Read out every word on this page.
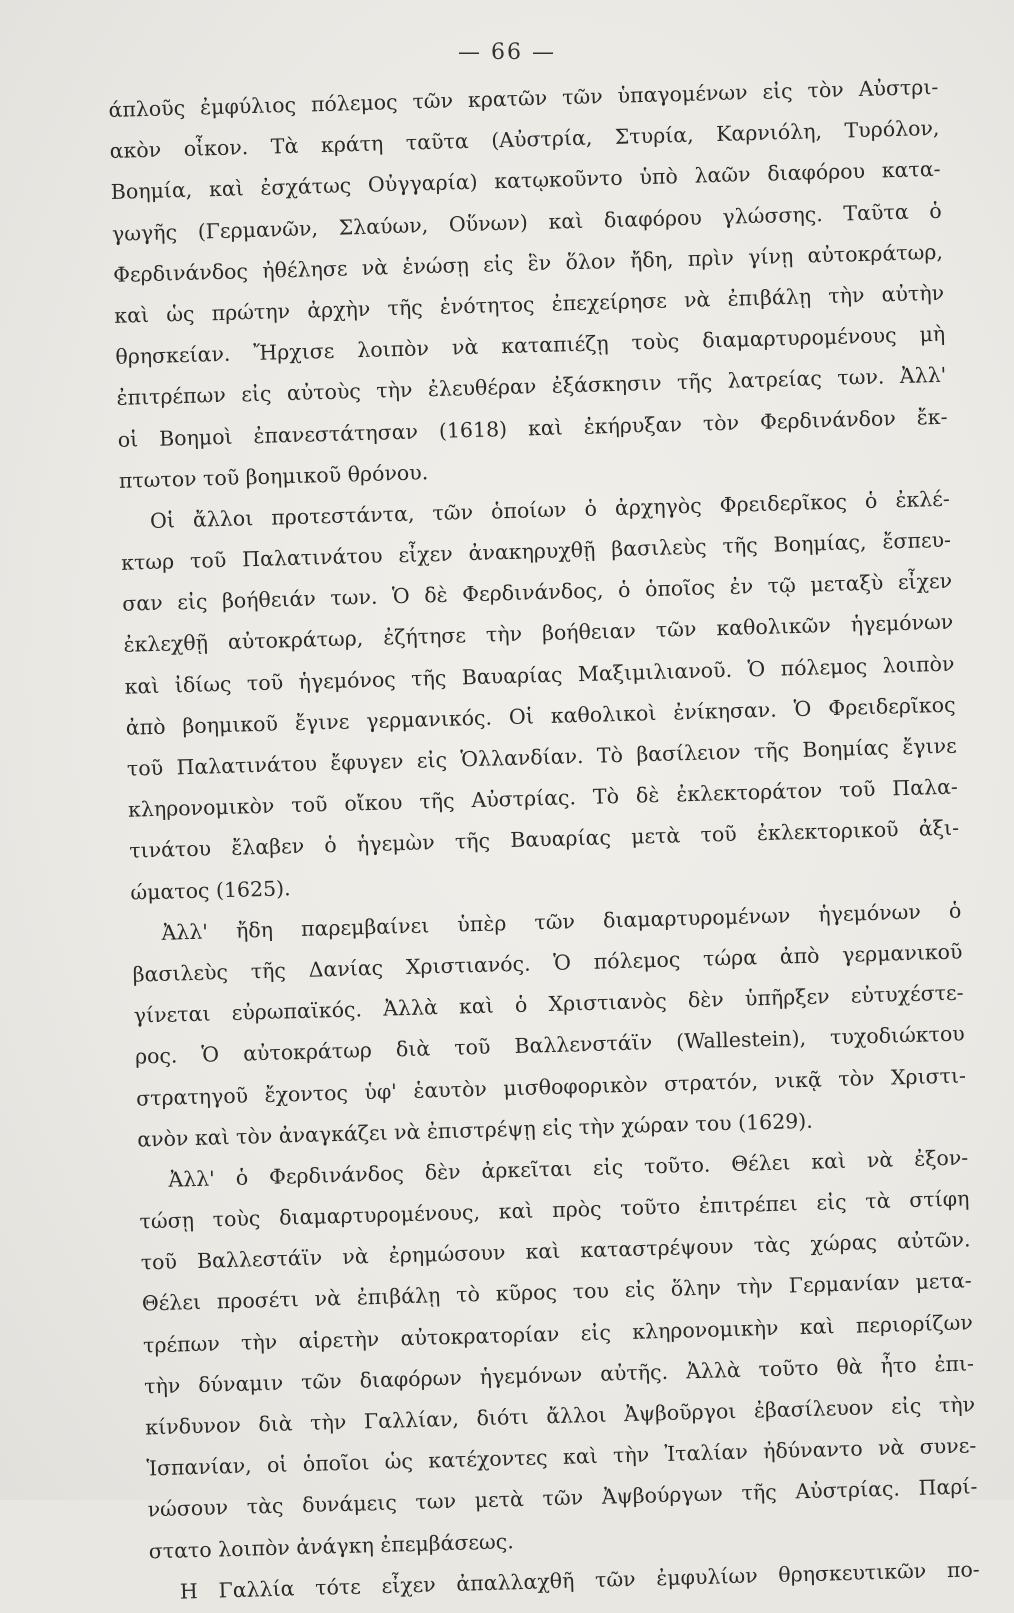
— 66 —
άπλοῦς ἐμφύλιος πόλεμος τῶν κρατῶν τῶν ὑπαγομένων εἰς τὸν Αὐστρι-
ακὸν οἶκον. Τὰ κράτη ταῦτα (Αὐστρία, Στυρία, Καρνιόλη, Τυρόλον,
Βοημία, καὶ ἐσχάτως Οὐγγαρία) κατῳκοῦντο ὑπὸ λαῶν διαφόρου κατα-
γωγῆς (Γερμανῶν, Σλαύων, Οὕνων) καὶ διαφόρου γλώσσης. Ταῦτα ὁ
Φερδινάνδος ἠθέλησε νὰ ἑνώσῃ εἰς ἓν ὅλον ἤδη, πρὶν γίνῃ αὐτοκράτωρ,
καὶ ὡς πρώτην ἀρχὴν τῆς ἑνότητος ἐπεχείρησε νὰ ἐπιβάλῃ τὴν αὐτὴν
θρησκείαν. Ἤρχισε λοιπὸν νὰ καταπιέζῃ τοὺς διαμαρτυρομένους μὴ
ἐπιτρέπων εἰς αὐτοὺς τὴν ἐλευθέραν ἐξάσκησιν τῆς λατρείας των. Ἀλλ'
οἱ Βοημοὶ ἐπανεστάτησαν (1618) καὶ ἐκήρυξαν τὸν Φερδινάνδον ἔκ-
πτωτον τοῦ βοημικοῦ θρόνου.
Οἱ ἄλλοι προτεστάντα, τῶν ὁποίων ὁ ἀρχηγὸς Φρειδερῖκος ὁ ἐκλέ-
κτωρ τοῦ Παλατινάτου εἶχεν ἀνακηρυχθῇ βασιλεὺς τῆς Βοημίας, ἔσπευ-
σαν εἰς βοήθειάν των. Ὁ δὲ Φερδινάνδος, ὁ ὁποῖος ἐν τῷ μεταξὺ εἶχεν
ἐκλεχθῇ αὐτοκράτωρ, ἐζήτησε τὴν βοήθειαν τῶν καθολικῶν ἡγεμόνων
καὶ ἰδίως τοῦ ἡγεμόνος τῆς Βαυαρίας Μαξιμιλιανοῦ. Ὁ πόλεμος λοιπὸν
ἀπὸ βοημικοῦ ἔγινε γερμανικός. Οἱ καθολικοὶ ἐνίκησαν. Ὁ Φρειδερῖκος
τοῦ Παλατινάτου ἔφυγεν εἰς Ὁλλανδίαν. Τὸ βασίλειον τῆς Βοημίας ἔγινε
κληρονομικὸν τοῦ οἴκου τῆς Αὐστρίας. Τὸ δὲ ἐκλεκτοράτον τοῦ Παλα-
τινάτου ἔλαβεν ὁ ἡγεμὼν τῆς Βαυαρίας μετὰ τοῦ ἐκλεκτορικοῦ ἀξι-
ώματος (1625).
Ἀλλ' ἤδη παρεμβαίνει ὑπὲρ τῶν διαμαρτυρομένων ἡγεμόνων ὁ
βασιλεὺς τῆς Δανίας Χριστιανός. Ὁ πόλεμος τώρα ἀπὸ γερμανικοῦ
γίνεται εὐρωπαϊκός. Ἀλλὰ καὶ ὁ Χριστιανὸς δὲν ὑπῆρξεν εὐτυχέστε-
ρος. Ὁ αὐτοκράτωρ διὰ τοῦ Βαλλενστάϊν (Wallestein), τυχοδιώκτου
στρατηγοῦ ἔχοντος ὑφ' ἑαυτὸν μισθοφορικὸν στρατόν, νικᾷ τὸν Χριστι-
ανὸν καὶ τὸν ἀναγκάζει νὰ ἐπιστρέψῃ εἰς τὴν χώραν του (1629).
Ἀλλ' ὁ Φερδινάνδος δὲν ἀρκεῖται εἰς τοῦτο. Θέλει καὶ νὰ ἐξον-
τώσῃ τοὺς διαμαρτυρομένους, καὶ πρὸς τοῦτο ἐπιτρέπει εἰς τὰ στίφη
τοῦ Βαλλεστάϊν νὰ ἐρημώσουν καὶ καταστρέψουν τὰς χώρας αὐτῶν.
Θέλει προσέτι νὰ ἐπιβάλῃ τὸ κῦρος του εἰς ὅλην τὴν Γερμανίαν μετα-
τρέπων τὴν αἱρετὴν αὐτοκρατορίαν εἰς κληρονομικὴν καὶ περιορίζων
τὴν δύναμιν τῶν διαφόρων ἡγεμόνων αὐτῆς. Ἀλλὰ τοῦτο θὰ ἦτο ἐπι-
κίνδυνον διὰ τὴν Γαλλίαν, διότι ἄλλοι Ἀψβοῦργοι ἐβασίλευον εἰς τὴν
Ἱσπανίαν, οἱ ὁποῖοι ὡς κατέχοντες καὶ τὴν Ἰταλίαν ἠδύναντο νὰ συνε-
νώσουν τὰς δυνάμεις των μετὰ τῶν Ἀψβούργων τῆς Αὐστρίας. Παρί-
στατο λοιπὸν ἀνάγκη ἐπεμβάσεως.
Η Γαλλία τότε εἶχεν ἀπαλλαχθῆ τῶν ἐμφυλίων θρησκευτικῶν πο-
